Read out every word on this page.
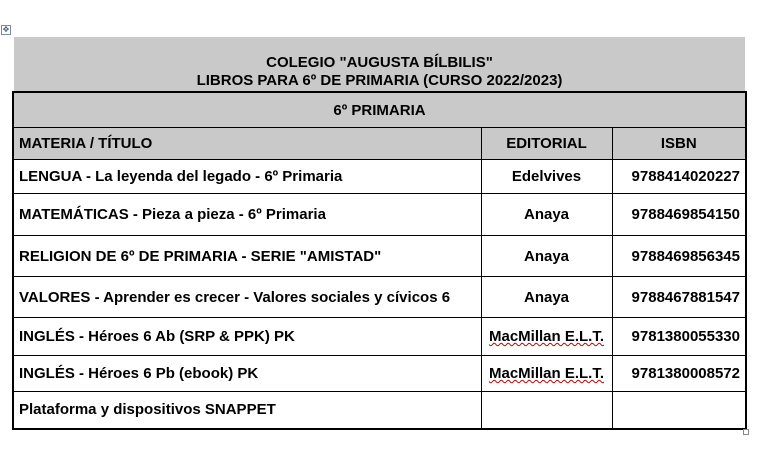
✥
COLEGIO "AUGUSTA BÍLBILIS"
LIBROS PARA 6º DE PRIMARIA (CURSO 2022/2023)
6º PRIMARIA		
MATERIA / TÍTULO	EDITORIAL	ISBN
LENGUA - La leyenda del legado - 6º Primaria	Edelvives	9788414020227
MATEMÁTICAS - Pieza a pieza - 6º Primaria	Anaya	9788469854150
RELIGION DE 6º DE PRIMARIA - SERIE "AMISTAD"	Anaya	9788469856345
VALORES - Aprender es crecer - Valores sociales y cívicos 6	Anaya	9788467881547
INGLÉS - Héroes 6 Ab (SRP & PPK) PK	MacMillan E.L.T.	9781380055330
INGLÉS - Héroes 6 Pb (ebook) PK	MacMillan E.L.T.	9781380008572
Plataforma y dispositivos SNAPPET		
